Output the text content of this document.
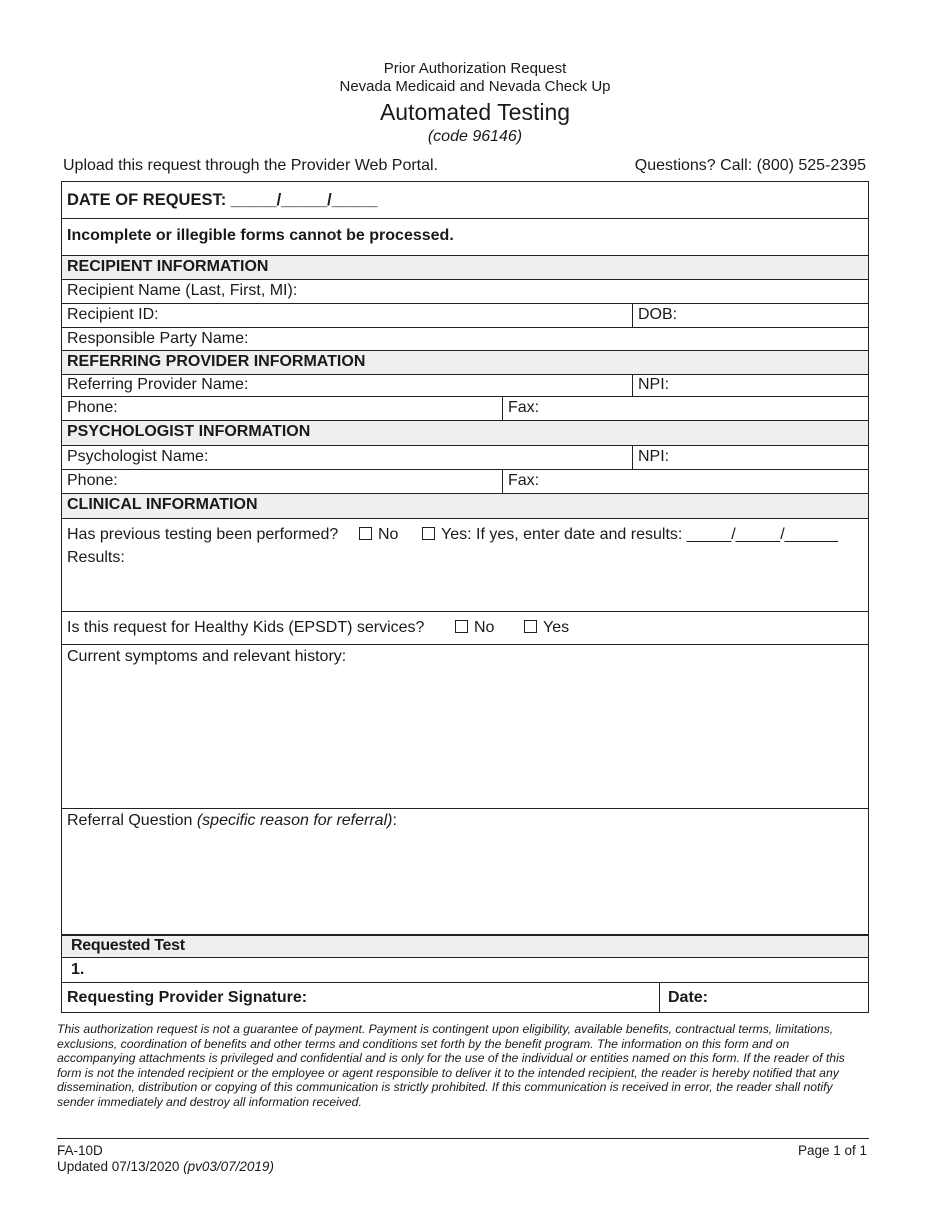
Prior Authorization Request
Nevada Medicaid and Nevada Check Up
Automated Testing
(code 96146)
Upload this request through the Provider Web Portal.	Questions? Call: (800) 525-2395
DATE OF REQUEST: _____/_____/_____
Incomplete or illegible forms cannot be processed.
RECIPIENT INFORMATION
Recipient Name (Last, First, MI):
Recipient ID:	DOB:
Responsible Party Name:
REFERRING PROVIDER INFORMATION
Referring Provider Name:	NPI:
Phone:	Fax:
PSYCHOLOGIST INFORMATION
Psychologist Name:	NPI:
Phone:	Fax:
CLINICAL INFORMATION
Has previous testing been performed?	No	Yes: If yes, enter date and results: _____/_____/______
Results:
Is this request for Healthy Kids (EPSDT) services?	No	Yes
Current symptoms and relevant history:
Referral Question (specific reason for referral):
Requested Test
1.
Requesting Provider Signature:	Date:
This authorization request is not a guarantee of payment. Payment is contingent upon eligibility, available benefits, contractual terms, limitations, exclusions, coordination of benefits and other terms and conditions set forth by the benefit program. The information on this form and on accompanying attachments is privileged and confidential and is only for the use of the individual or entities named on this form. If the reader of this form is not the intended recipient or the employee or agent responsible to deliver it to the intended recipient, the reader is hereby notified that any dissemination, distribution or copying of this communication is strictly prohibited. If this communication is received in error, the reader shall notify sender immediately and destroy all information received.
FA-10D
Updated 07/13/2020 (pv03/07/2019)
Page 1 of 1
